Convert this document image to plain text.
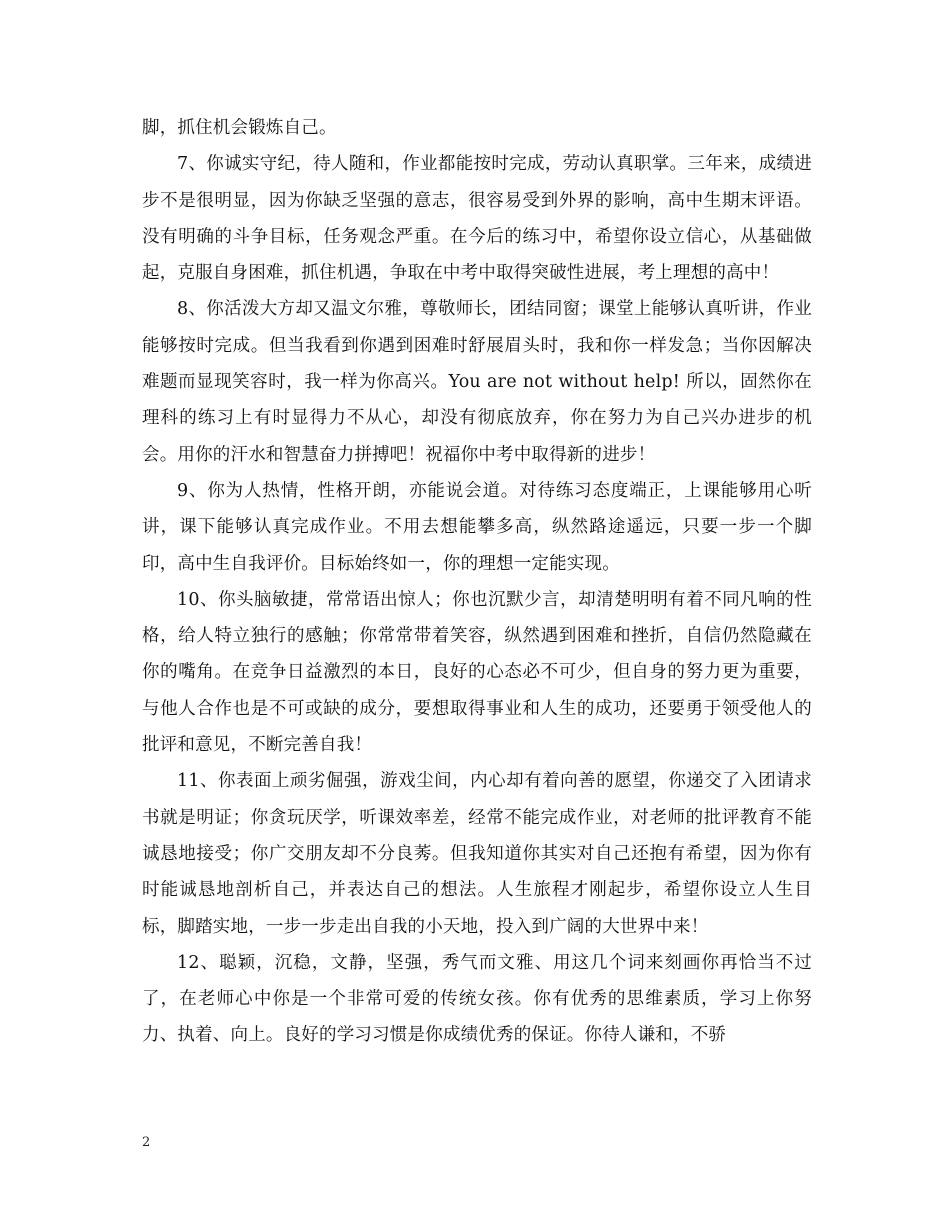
脚，抓住机会锻炼自己。

7、你诚实守纪，待人随和，作业都能按时完成，劳动认真职掌。三年来，成绩进步不是很明显，因为你缺乏坚强的意志，很容易受到外界的影响，高中生期末评语。没有明确的斗争目标，任务观念严重。在今后的练习中，希望你设立信心，从基础做起，克服自身困难，抓住机遇，争取在中考中取得突破性进展，考上理想的高中！

8、你活泼大方却又温文尔雅，尊敬师长，团结同窗；课堂上能够认真听讲，作业能够按时完成。但当我看到你遇到困难时舒展眉头时，我和你一样发急；当你因解决难题而显现笑容时，我一样为你高兴。You are not without help! 所以，固然你在理科的练习上有时显得力不从心，却没有彻底放弃，你在努力为自己兴办进步的机会。用你的汗水和智慧奋力拼搏吧！祝福你中考中取得新的进步！

9、你为人热情，性格开朗，亦能说会道。对待练习态度端正，上课能够用心听讲，课下能够认真完成作业。不用去想能攀多高，纵然路途遥远，只要一步一个脚印，高中生自我评价。目标始终如一，你的理想一定能实现。

10、你头脑敏捷，常常语出惊人；你也沉默少言，却清楚明明有着不同凡响的性格，给人特立独行的感触；你常常带着笑容，纵然遇到困难和挫折，自信仍然隐藏在你的嘴角。在竞争日益激烈的本日，良好的心态必不可少，但自身的努力更为重要，与他人合作也是不可或缺的成分，要想取得事业和人生的成功，还要勇于领受他人的批评和意见，不断完善自我！

11、你表面上顽劣倔强，游戏尘间，内心却有着向善的愿望，你递交了入团请求书就是明证；你贪玩厌学，听课效率差，经常不能完成作业，对老师的批评教育不能诚恳地接受；你广交朋友却不分良莠。但我知道你其实对自己还抱有希望，因为你有时能诚恳地剖析自己，并表达自己的想法。人生旅程才刚起步，希望你设立人生目标，脚踏实地，一步一步走出自我的小天地，投入到广阔的大世界中来！

12、聪颖，沉稳，文静，坚强，秀气而文雅、用这几个词来刻画你再恰当不过了，在老师心中你是一个非常可爱的传统女孩。你有优秀的思维素质，学习上你努力、执着、向上。良好的学习习惯是你成绩优秀的保证。你待人谦和，不骄

2
